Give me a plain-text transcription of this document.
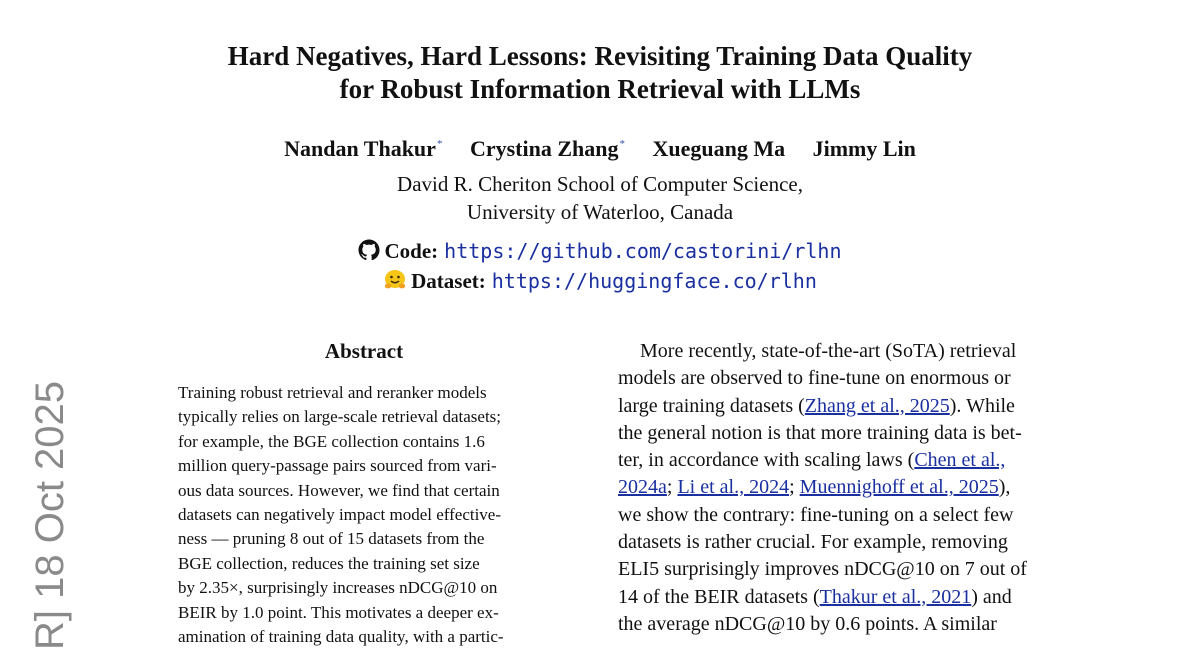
Hard Negatives, Hard Lessons: Revisiting Training Data Quality
for Robust Information Retrieval with LLMs
Nandan Thakur* Crystina Zhang* Xueguang Ma Jimmy Lin
David R. Cheriton School of Computer Science,
University of Waterloo, Canada
Code: https://github.com/castorini/rlhn
Dataset: https://huggingface.co/rlhn
R] 18 Oct 2025
Abstract
Training robust retrieval and reranker models
typically relies on large-scale retrieval datasets;
for example, the BGE collection contains 1.6
million query-passage pairs sourced from vari-
ous data sources. However, we find that certain
datasets can negatively impact model effective-
ness — pruning 8 out of 15 datasets from the
BGE collection, reduces the training set size
by 2.35×, surprisingly increases nDCG@10 on
BEIR by 1.0 point. This motivates a deeper ex-
amination of training data quality, with a partic-
More recently, state-of-the-art (SoTA) retrieval
models are observed to fine-tune on enormous or
large training datasets (Zhang et al., 2025). While
the general notion is that more training data is bet-
ter, in accordance with scaling laws (Chen et al.,
2024a; Li et al., 2024; Muennighoff et al., 2025),
we show the contrary: fine-tuning on a select few
datasets is rather crucial. For example, removing
ELI5 surprisingly improves nDCG@10 on 7 out of
14 of the BEIR datasets (Thakur et al., 2021) and
the average nDCG@10 by 0.6 points. A similar
